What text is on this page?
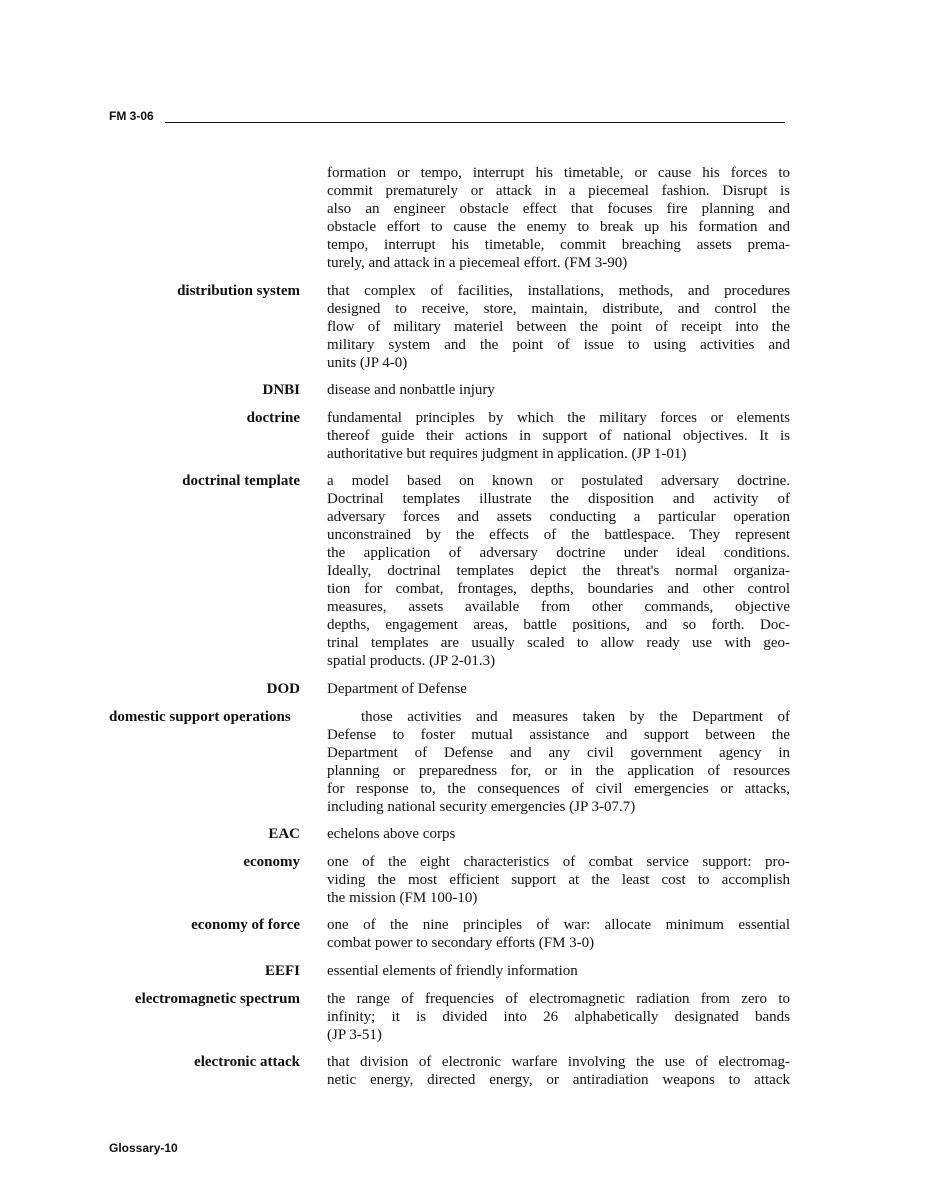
FM 3-06
formation or tempo, interrupt his timetable, or cause his forces to
commit prematurely or attack in a piecemeal fashion. Disrupt is
also an engineer obstacle effect that focuses fire planning and
obstacle effort to cause the enemy to break up his formation and
tempo, interrupt his timetable, commit breaching assets prema-
turely, and attack in a piecemeal effort. (FM 3-90)
distribution system that complex of facilities, installations, methods, and procedures
designed to receive, store, maintain, distribute, and control the
flow of military materiel between the point of receipt into the
military system and the point of issue to using activities and
units (JP 4-0)
DNBI disease and nonbattle injury
doctrine fundamental principles by which the military forces or elements
thereof guide their actions in support of national objectives. It is
authoritative but requires judgment in application. (JP 1-01)
doctrinal template a model based on known or postulated adversary doctrine.
Doctrinal templates illustrate the disposition and activity of
adversary forces and assets conducting a particular operation
unconstrained by the effects of the battlespace. They represent
the application of adversary doctrine under ideal conditions.
Ideally, doctrinal templates depict the threat's normal organiza-
tion for combat, frontages, depths, boundaries and other control
measures, assets available from other commands, objective
depths, engagement areas, battle positions, and so forth. Doc-
trinal templates are usually scaled to allow ready use with geo-
spatial products. (JP 2-01.3)
DOD Department of Defense
domestic support operations	those activities and measures taken by the Department of
Defense to foster mutual assistance and support between the
Department of Defense and any civil government agency in
planning or preparedness for, or in the application of resources
for response to, the consequences of civil emergencies or attacks,
including national security emergencies (JP 3-07.7)
EAC echelons above corps
economy one of the eight characteristics of combat service support: pro-
viding the most efficient support at the least cost to accomplish
the mission (FM 100-10)
economy of force one of the nine principles of war: allocate minimum essential
combat power to secondary efforts (FM 3-0)
EEFI essential elements of friendly information
electromagnetic spectrum the range of frequencies of electromagnetic radiation from zero to
infinity; it is divided into 26 alphabetically designated bands
(JP 3-51)
electronic attack that division of electronic warfare involving the use of electromag-
netic energy, directed energy, or antiradiation weapons to attack
Glossary-10
